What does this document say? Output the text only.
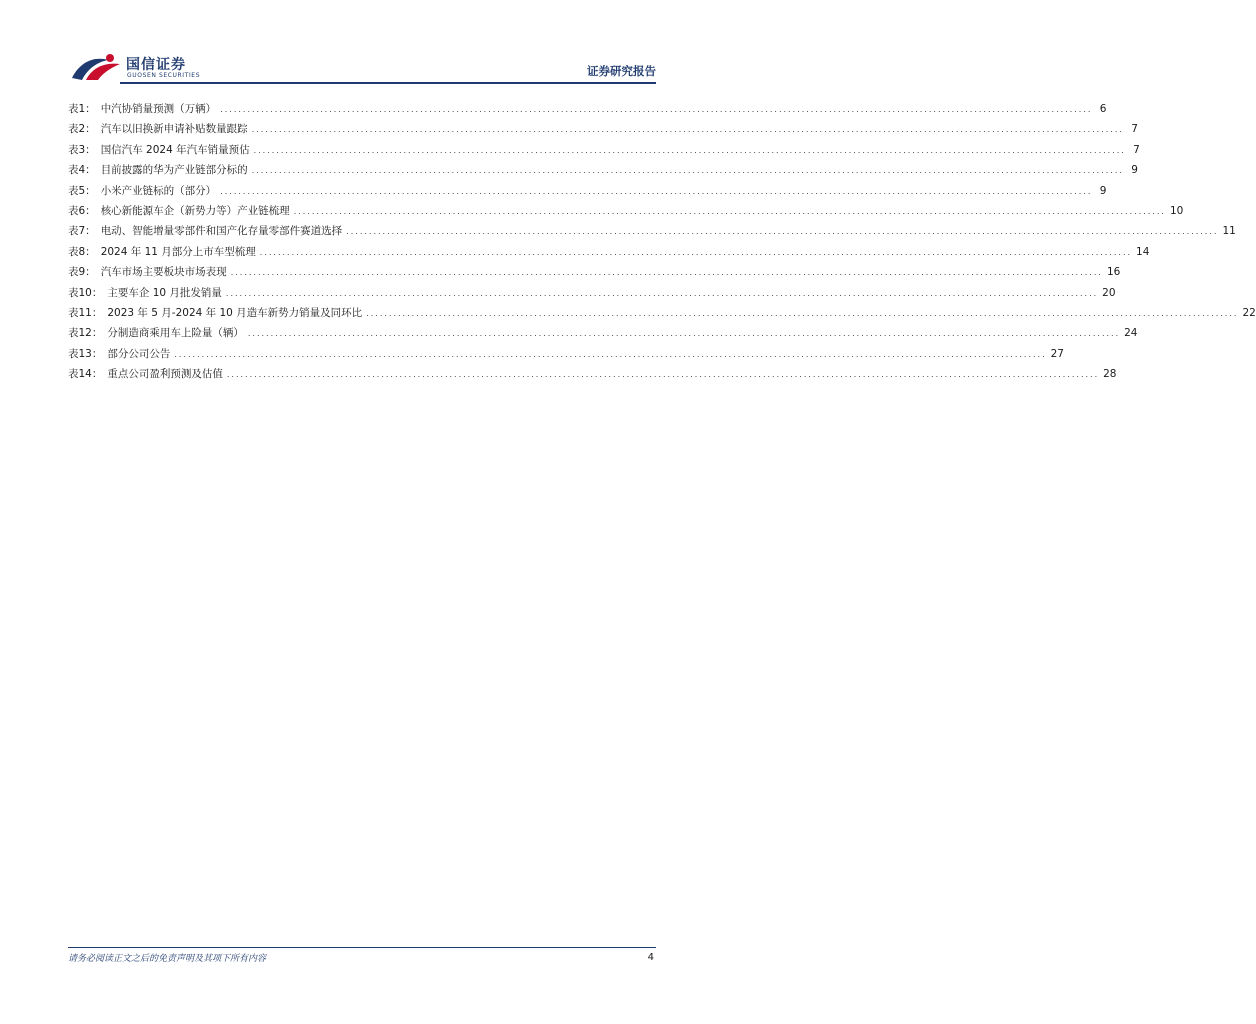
国信证券
GUOSEN SECURITIES	证券研究报告
表1： 中汽协销量预测（万辆） ................................................................................................................................................................................................ 6
表2： 汽车以旧换新申请补贴数量跟踪 ................................................................................................................................................................................................ 7
表3： 国信汽车 2024 年汽车销量预估 ................................................................................................................................................................................................ 7
表4： 目前披露的华为产业链部分标的 ................................................................................................................................................................................................ 9
表5： 小米产业链标的（部分） ................................................................................................................................................................................................ 9
表6： 核心新能源车企（新势力等）产业链梳理 ................................................................................................................................................................................................ 10
表7： 电动、智能增量零部件和国产化存量零部件赛道选择 ................................................................................................................................................................................................ 11
表8： 2024 年 11 月部分上市车型梳理 ................................................................................................................................................................................................ 14
表9： 汽车市场主要板块市场表现 ................................................................................................................................................................................................ 16
表10： 主要车企 10 月批发销量 ................................................................................................................................................................................................ 20
表11： 2023 年 5 月-2024 年 10 月造车新势力销量及同环比 ................................................................................................................................................................................................ 22
表12： 分制造商乘用车上险量（辆） ................................................................................................................................................................................................ 24
表13： 部分公司公告 ................................................................................................................................................................................................ 27
表14： 重点公司盈利预测及估值 ................................................................................................................................................................................................ 28
请务必阅读正文之后的免责声明及其项下所有内容	4
